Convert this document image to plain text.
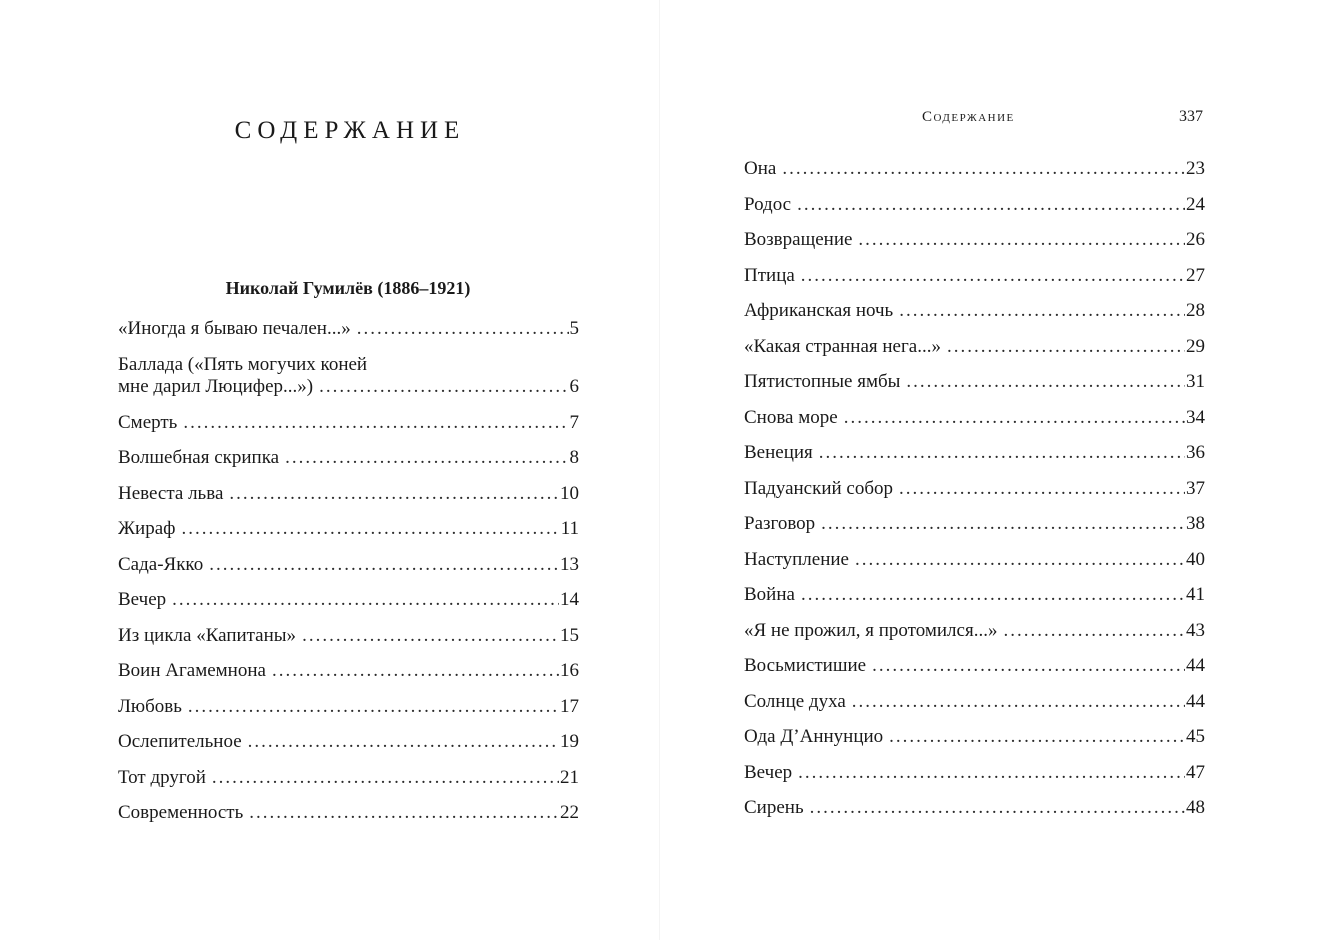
СОДЕРЖАНИЕ
Николай Гумилёв (1886–1921)
«Иногда я бываю печален...» .....	5
Баллада («Пять могучих коней
мне дарил Люцифер...») .....	6
Смерть .....	7
Волшебная скрипка .....	8
Невеста льва .....	10
Жираф .....	11
Сада-Якко .....	13
Вечер .....	14
Из цикла «Капитаны» .....	15
Воин Агамемнона .....	16
Любовь .....	17
Ослепительное .....	19
Тот другой .....	21
Современность .....	22
Содержание	337
Она .....	23
Родос .....	24
Возвращение .....	26
Птица .....	27
Африканская ночь .....	28
«Какая странная нега...» .....	29
Пятистопные ямбы .....	31
Снова море .....	34
Венеция .....	36
Падуанский собор .....	37
Разговор .....	38
Наступление .....	40
Война .....	41
«Я не прожил, я протомился...» .....	43
Восьмистишие .....	44
Солнце духа .....	44
Ода Д’Аннунцио .....	45
Вечер .....	47
Сирень .....	48
